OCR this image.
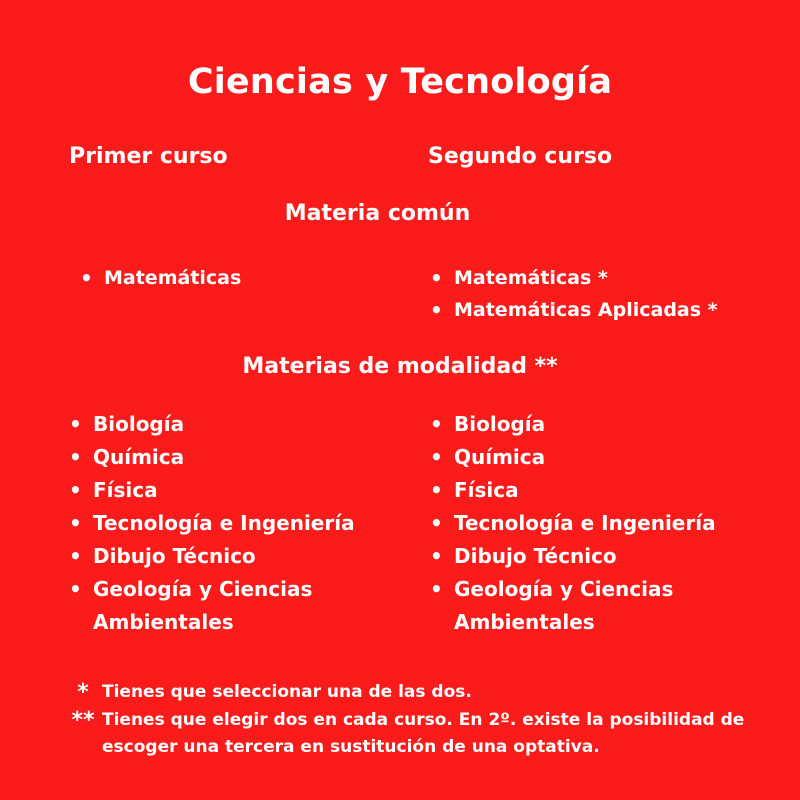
Ciencias y Tecnología
Primer curso	Segundo curso
Materia común
• Matemáticas	• Matemáticas *
• Matemáticas Aplicadas *
Materias de modalidad **
• Biología
• Química
• Física
• Tecnología e Ingeniería
• Dibujo Técnico
• Geología y Ciencias Ambientales
• Biología
• Química
• Física
• Tecnología e Ingeniería
• Dibujo Técnico
• Geología y Ciencias Ambientales
* Tienes que seleccionar una de las dos.
** Tienes que elegir dos en cada curso. En 2º. existe la posibilidad de escoger una tercera en sustitución de una optativa.
